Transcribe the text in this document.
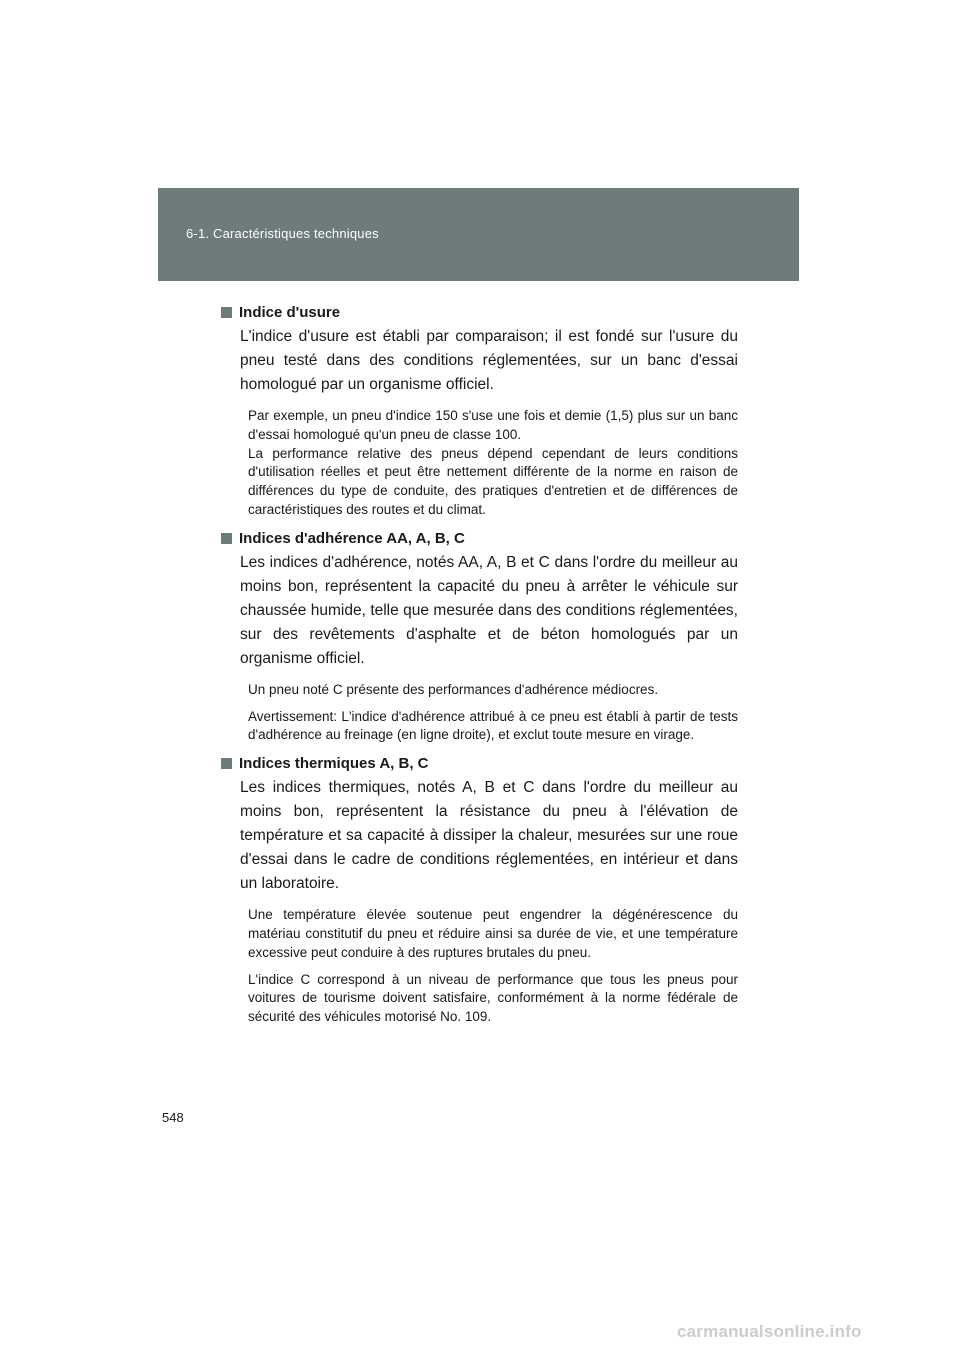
6-1. Caractéristiques techniques
Indice d'usure

L'indice d'usure est établi par comparaison; il est fondé sur l'usure du pneu testé dans des conditions réglementées, sur un banc d'essai homologué par un organisme officiel.

Par exemple, un pneu d'indice 150 s'use une fois et demie (1,5) plus sur un banc d'essai homologué qu'un pneu de classe 100.

La performance relative des pneus dépend cependant de leurs conditions d'utilisation réelles et peut être nettement différente de la norme en raison de différences du type de conduite, des pratiques d'entretien et de différences de caractéristiques des routes et du climat.

Indices d'adhérence AA, A, B, C

Les indices d'adhérence, notés AA, A, B et C dans l'ordre du meilleur au moins bon, représentent la capacité du pneu à arrêter le véhicule sur chaussée humide, telle que mesurée dans des conditions réglementées, sur des revêtements d'asphalte et de béton homologués par un organisme officiel.

Un pneu noté C présente des performances d'adhérence médiocres.

Avertissement: L'indice d'adhérence attribué à ce pneu est établi à partir de tests d'adhérence au freinage (en ligne droite), et exclut toute mesure en virage.

Indices thermiques A, B, C

Les indices thermiques, notés A, B et C dans l'ordre du meilleur au moins bon, représentent la résistance du pneu à l'élévation de température et sa capacité à dissiper la chaleur, mesurées sur une roue d'essai dans le cadre de conditions réglementées, en intérieur et dans un laboratoire.

Une température élevée soutenue peut engendrer la dégénérescence du matériau constitutif du pneu et réduire ainsi sa durée de vie, et une température excessive peut conduire à des ruptures brutales du pneu.

L'indice C correspond à un niveau de performance que tous les pneus pour voitures de tourisme doivent satisfaire, conformément à la norme fédérale de sécurité des véhicules motorisé No. 109.

548
carmanualsonline.info
